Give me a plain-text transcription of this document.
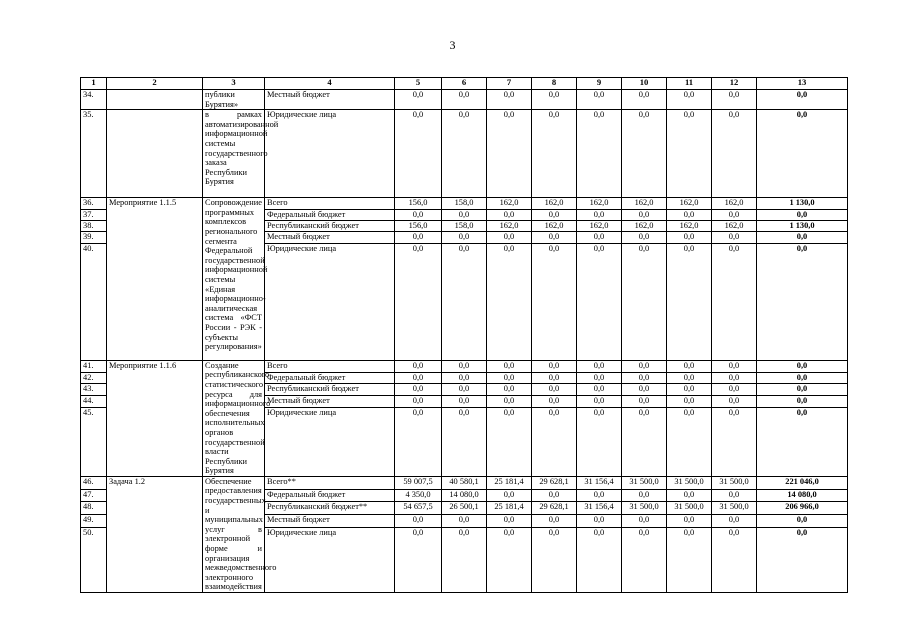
3
1	2	3	4	5	6	7	8	9	10	11	12	13
34.		публики Бурятия»	Местный бюджет	0,0	0,0	0,0	0,0	0,0	0,0	0,0	0,0	0,0
35.		в рамках автоматизированной информационной системы государственного заказа Республики Бурятия	Юридические лица	0,0	0,0	0,0	0,0	0,0	0,0	0,0	0,0	0,0
36.	Мероприятие 1.1.5	Сопровождение программных комплексов регионального сегмента Федеральной государственной информационной системы «Единая информационно-аналитическая система «ФСТ России - РЭК - субъекты регулирования»	Всего	156,0	158,0	162,0	162,0	162,0	162,0	162,0	162,0	1 130,0
37.			Федеральный бюджет	0,0	0,0	0,0	0,0	0,0	0,0	0,0	0,0	0,0
38.			Республиканский бюджет	156,0	158,0	162,0	162,0	162,0	162,0	162,0	162,0	1 130,0
39.			Местный бюджет	0,0	0,0	0,0	0,0	0,0	0,0	0,0	0,0	0,0
40.			Юридические лица	0,0	0,0	0,0	0,0	0,0	0,0	0,0	0,0	0,0
41.	Мероприятие 1.1.6	Создание республиканского статистического ресурса для информационного обеспечения исполнительных органов государственной власти Республики Бурятия	Всего	0,0	0,0	0,0	0,0	0,0	0,0	0,0	0,0	0,0
42.			Федеральный бюджет	0,0	0,0	0,0	0,0	0,0	0,0	0,0	0,0	0,0
43.			Республиканский бюджет	0,0	0,0	0,0	0,0	0,0	0,0	0,0	0,0	0,0
44.			Местный бюджет	0,0	0,0	0,0	0,0	0,0	0,0	0,0	0,0	0,0
45.			Юридические лица	0,0	0,0	0,0	0,0	0,0	0,0	0,0	0,0	0,0
46.	Задача 1.2	Обеспечение предоставления государственных и муниципальных услуг в электронной форме и организация межведомственного электронного взаимодействия	Всего**	59 007,5	40 580,1	25 181,4	29 628,1	31 156,4	31 500,0	31 500,0	31 500,0	221 046,0
47.			Федеральный бюджет	4 350,0	14 080,0	0,0	0,0	0,0	0,0	0,0	0,0	14 080,0
48.			Республиканский бюджет**	54 657,5	26 500,1	25 181,4	29 628,1	31 156,4	31 500,0	31 500,0	31 500,0	206 966,0
49.			Местный бюджет	0,0	0,0	0,0	0,0	0,0	0,0	0,0	0,0	0,0
50.			Юридические лица	0,0	0,0	0,0	0,0	0,0	0,0	0,0	0,0	0,0
